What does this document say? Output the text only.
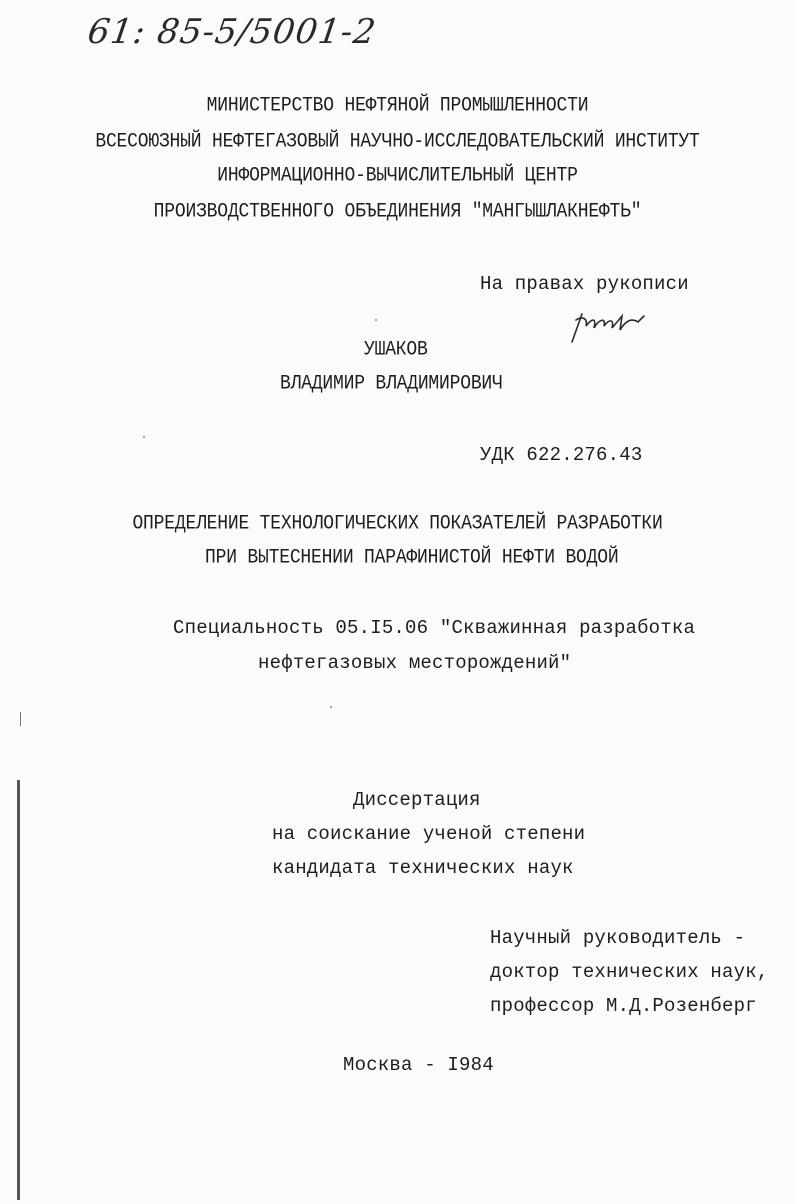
61: 85-5/5001-2
МИНИСТЕРСТВО НЕФТЯНОЙ ПРОМЫШЛЕННОСТИ
ВСЕСОЮЗНЫЙ НЕФТЕГАЗОВЫЙ НАУЧНО-ИССЛЕДОВАТЕЛЬСКИЙ ИНСТИТУТ
ИНФОРМАЦИОННО-ВЫЧИСЛИТЕЛЬНЫЙ ЦЕНТР
ПРОИЗВОДСТВЕННОГО ОБЪЕДИНЕНИЯ "МАНГЫШЛАКНЕФТЬ"
На правах рукописи
УШАКОВ
ВЛАДИМИР ВЛАДИМИРОВИЧ
УДК 622.276.43
ОПРЕДЕЛЕНИЕ ТЕХНОЛОГИЧЕСКИХ ПОКАЗАТЕЛЕЙ РАЗРАБОТКИ
ПРИ ВЫТЕСНЕНИИ ПАРАФИНИСТОЙ НЕФТИ ВОДОЙ
Специальность 05.I5.06 "Скважинная разработка
нефтегазовых месторождений"
Диссертация
на соискание ученой степени
кандидата технических наук
Научный руководитель -
доктор технических наук,
профессор М.Д.Розенберг
Москва - I984
